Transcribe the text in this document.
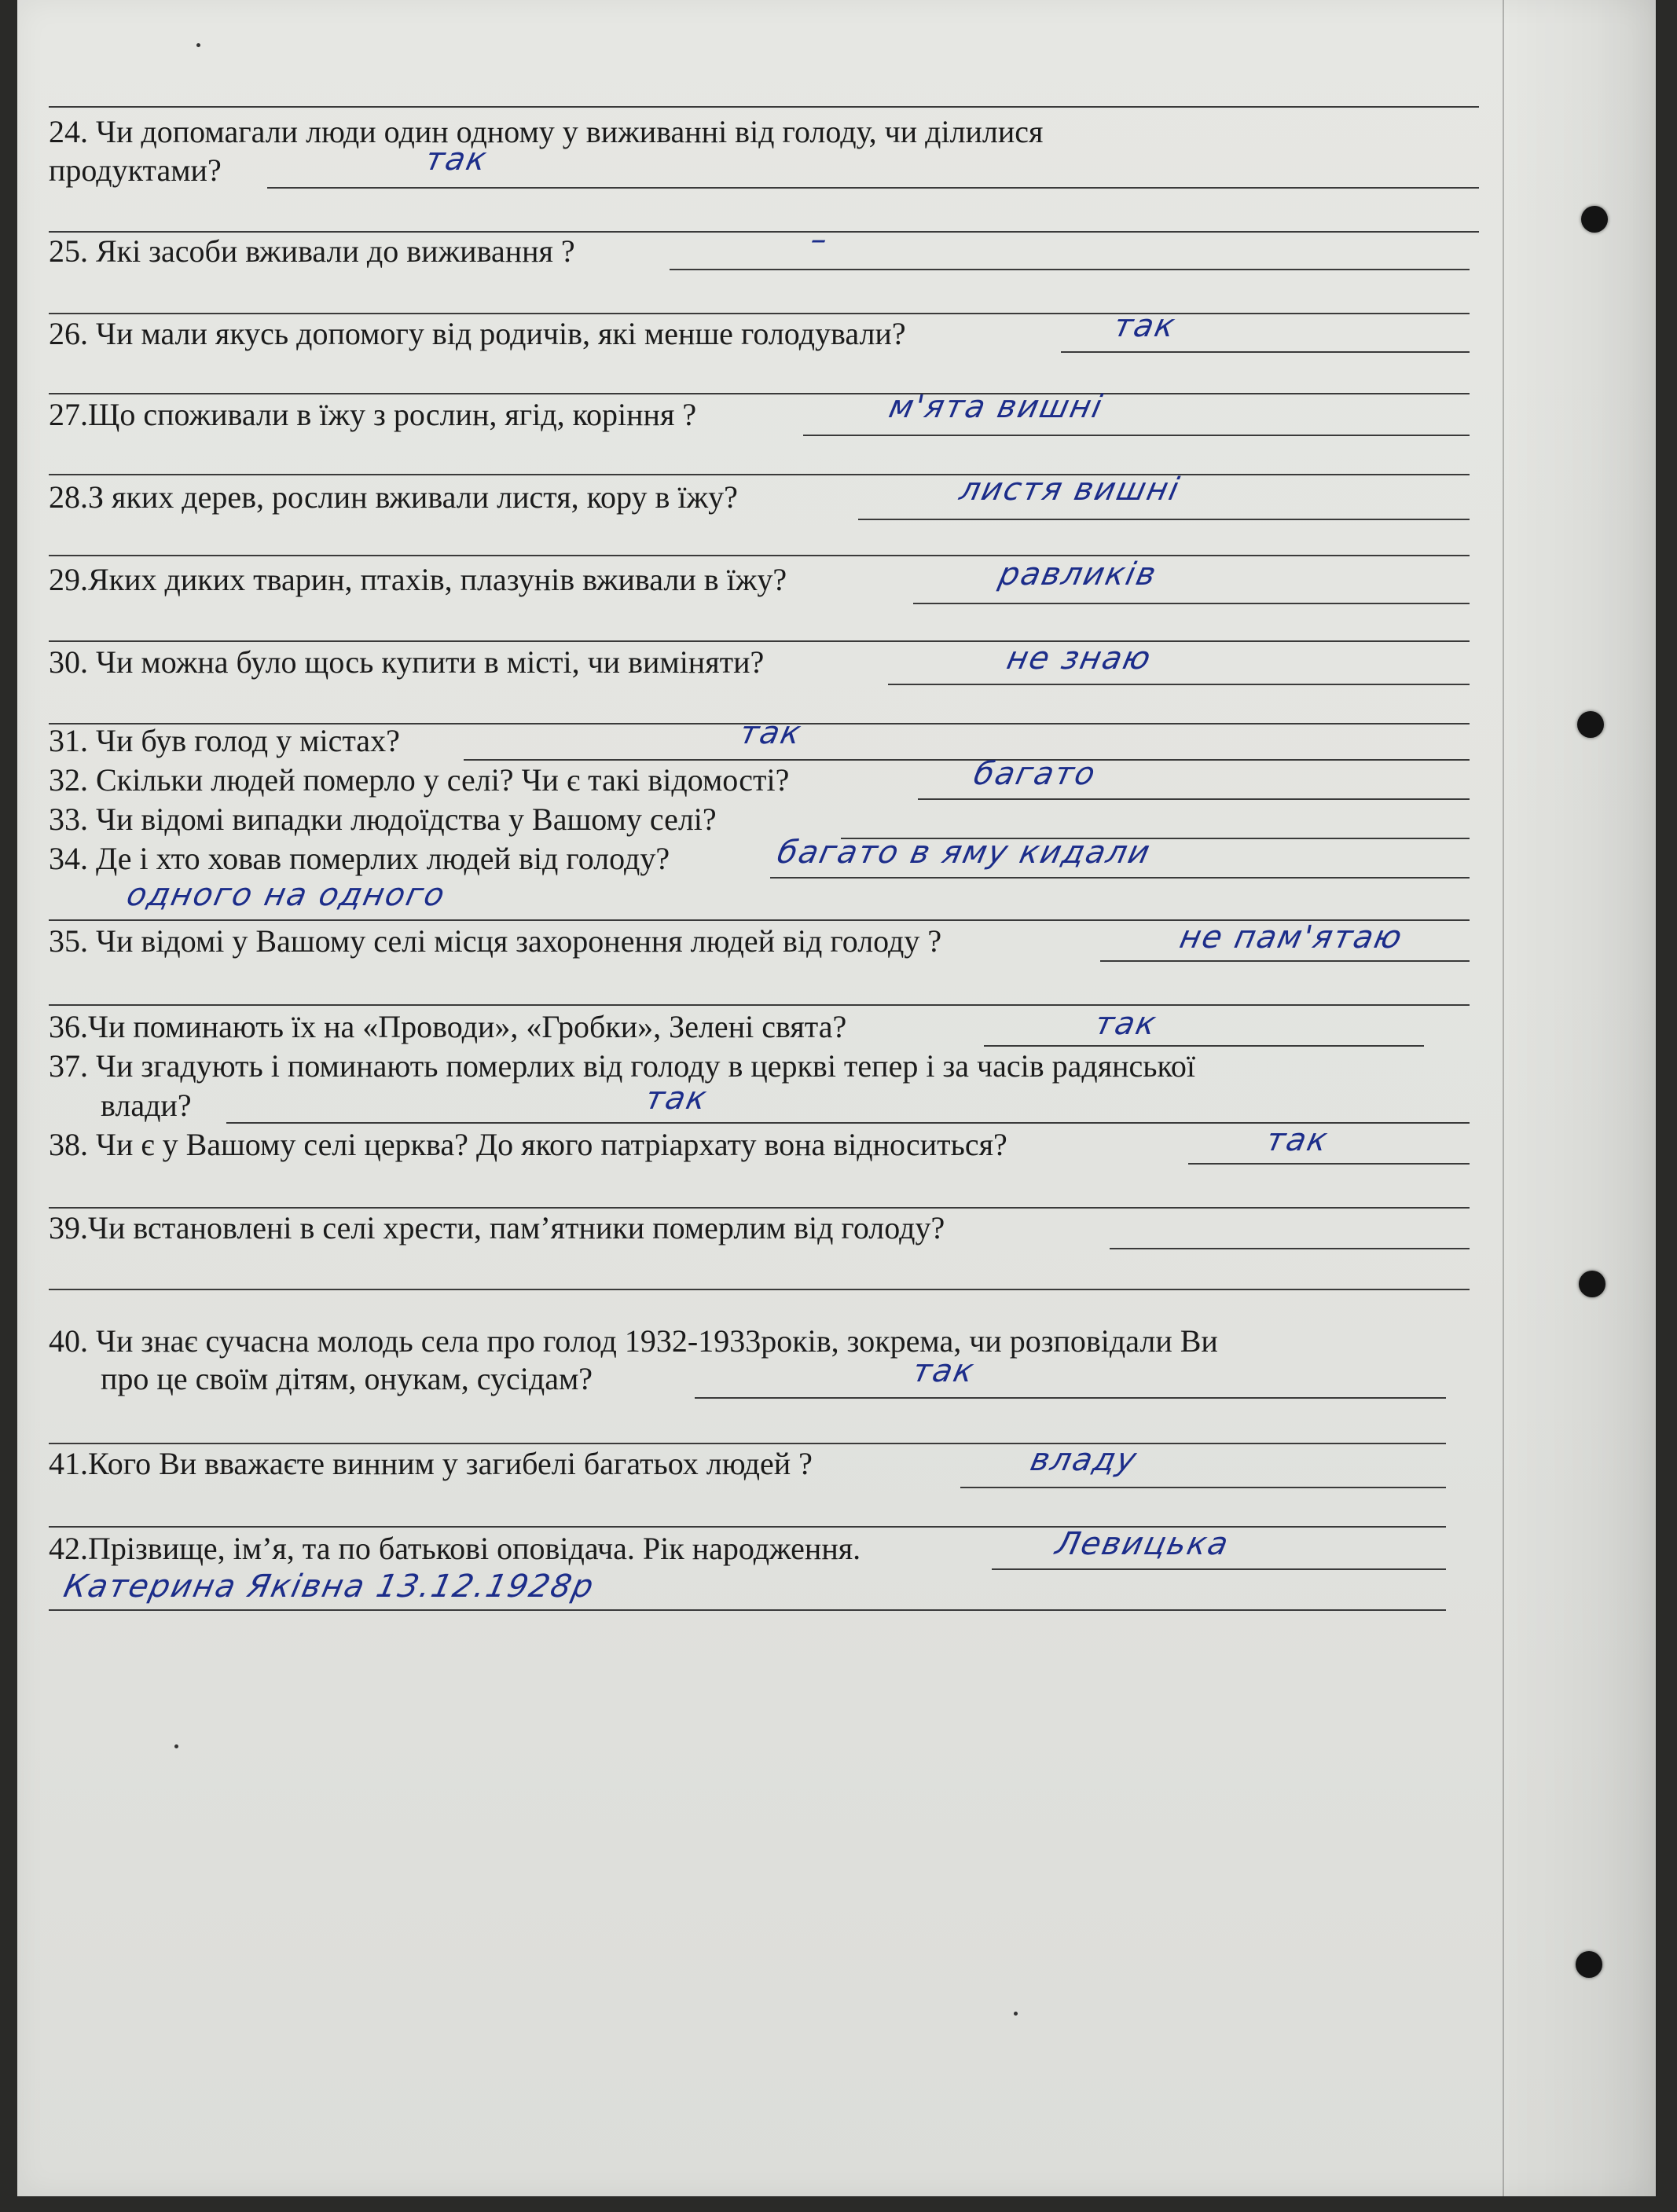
24. Чи допомагали люди один одному у виживанні від голоду, чи ділилися
продуктами?	так
25. Які засоби вживали до виживання ?	–
26. Чи мали якусь допомогу від родичів, які менше голодували?	так
27.Що споживали в їжу з рослин, ягід, коріння ?	м'ята вишні
28.З яких дерев, рослин вживали листя, кору в їжу?	листя вишні
29.Яких диких тварин, птахів, плазунів вживали в їжу?	равликів
30. Чи можна було щось купити в місті, чи виміняти?	не знаю
31. Чи був голод у містах?	так
32. Скільки людей померло у селі? Чи є такі відомості?	багато
33. Чи відомі випадки людоїдства у Вашому селі?
34. Де і хто ховав померлих людей від голоду?	багато в яму кидали
одного на одного
35. Чи відомі у Вашому селі місця захоронення людей від голоду ?	не пам'ятаю
36.Чи поминають їх на «Проводи», «Гробки», Зелені свята?	так
37. Чи згадують і поминають померлих від голоду в церкві тепер і за часів радянської
влади?	так
38. Чи є у Вашому селі церква? До якого патріархату вона відноситься?	так
39.Чи встановлені в селі хрести, пам’ятники померлим від голоду?
40. Чи знає сучасна молодь села про голод 1932-1933років, зокрема, чи розповідали Ви
про це своїм дітям, онукам, сусідам?	так
41.Кого Ви вважаєте винним у загибелі багатьох людей ?	владу
42.Прізвище, ім’я, та по батькові оповідача. Рік народження.	Левицька
Катерина Яківна 13.12.1928р
